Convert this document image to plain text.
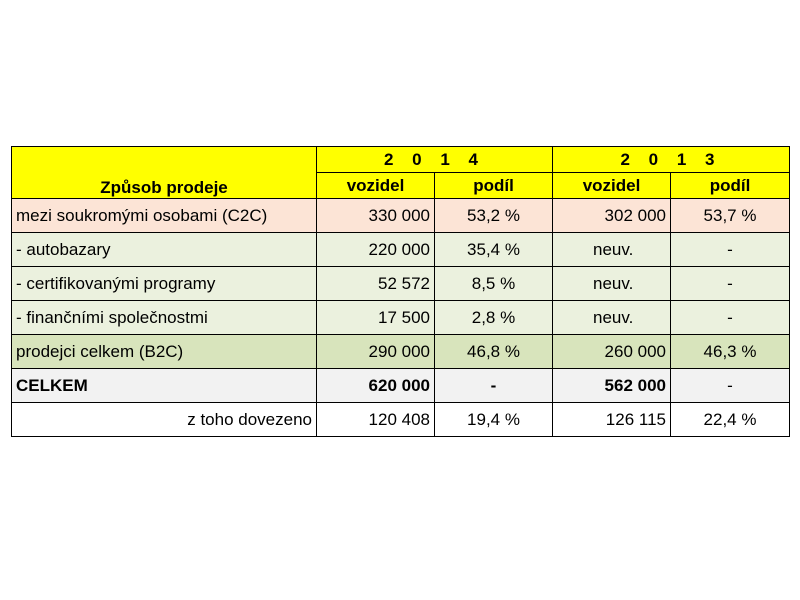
Způsob prodeje	2 0 1 4		2 0 1 3	
	vozidel	podíl	vozidel	podíl
mezi soukromými osobami (C2C)	330 000	53,2 %	302 000	53,7 %
- autobazary	220 000	35,4 %	neuv.	-
- certifikovanými programy	52 572	8,5 %	neuv.	-
- finančními společnostmi	17 500	2,8 %	neuv.	-
prodejci celkem (B2C)	290 000	46,8 %	260 000	46,3 %
CELKEM	620 000	-	562 000	-
z toho dovezeno	120 408	19,4 %	126 115	22,4 %
